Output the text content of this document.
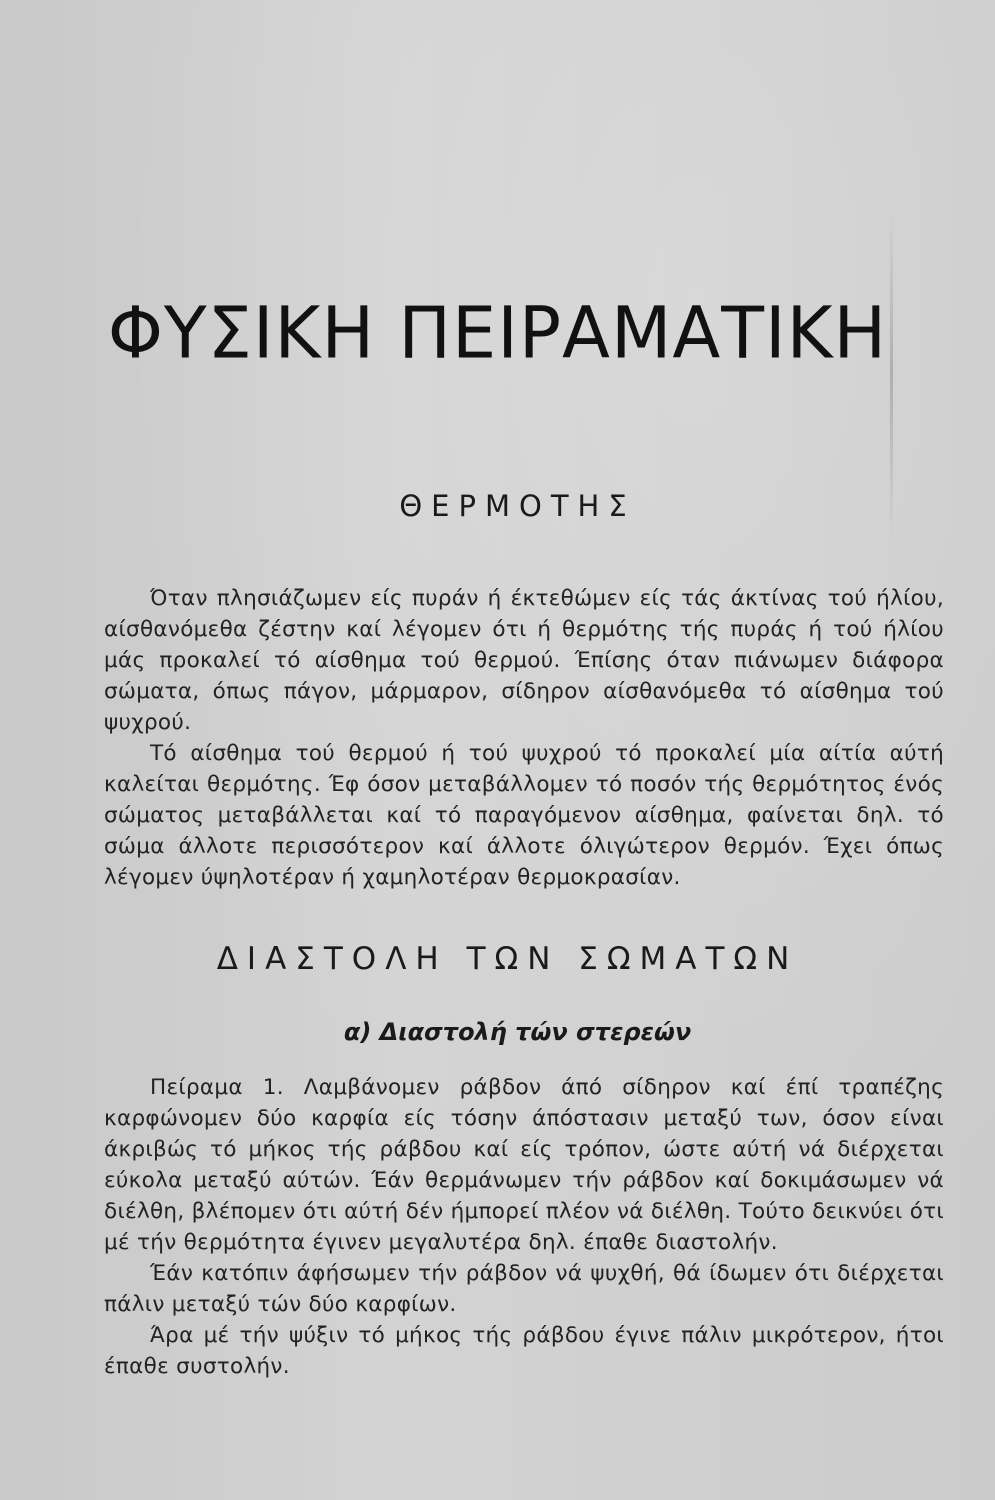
ΦΥΣΙΚΗ ΠΕΙΡΑΜΑΤΙΚΗ
ΘΕΡΜΟΤΗΣ

Όταν πλησιάζωμεν είς πυράν ή έκτεθώμεν είς τάς άκτίνας τού ήλίου, αίσθανόμεθα ζέστην καί λέγομεν ότι ή θερμότης τής πυράς ή τού ήλίου μάς προκαλεί τό αίσθημα τού θερμού. Έπίσης όταν πιάνωμεν διάφορα σώματα, όπως πάγον, μάρμαρον, σίδηρον αίσθανόμεθα τό αίσθημα τού ψυχρού.

Τό αίσθημα τού θερμού ή τού ψυχρού τό προκαλεί μία αίτία αύτή καλείται θερμότης. Έφ όσον μεταβάλλομεν τό ποσόν τής θερμότητος ένός σώματος μεταβάλλεται καί τό παραγόμενον αίσθημα, φαίνεται δηλ. τό σώμα άλλοτε περισσότερον καί άλλοτε όλιγώτερον θερμόν. Έχει όπως λέγομεν ύψηλοτέραν ή χαμηλοτέραν θερμοκρασίαν.

ΔΙΑΣΤΟΛΗ ΤΩΝ ΣΩΜΑΤΩΝ
α) Διαστολή τών στερεών

Πείραμα 1. Λαμβάνομεν ράβδον άπό σίδηρον καί έπί τραπέζης καρφώνομεν δύο καρφία είς τόσην άπόστασιν μεταξύ των, όσον είναι άκριβώς τό μήκος τής ράβδου καί είς τρόπον, ώστε αύτή νά διέρχεται εύκολα μεταξύ αύτών. Έάν θερμάνωμεν τήν ράβδον καί δοκιμάσωμεν νά διέλθη, βλέπομεν ότι αύτή δέν ήμπορεί πλέον νά διέλθη. Τούτο δεικνύει ότι μέ τήν θερμότητα έγινεν μεγαλυτέρα δηλ. έπαθε διαστολήν.

Έάν κατόπιν άφήσωμεν τήν ράβδον νά ψυχθή, θά ίδωμεν ότι διέρχεται πάλιν μεταξύ τών δύο καρφίων.

Άρα μέ τήν ψύξιν τό μήκος τής ράβδου έγινε πάλιν μικρότερον, ήτοι έπαθε συστολήν.
